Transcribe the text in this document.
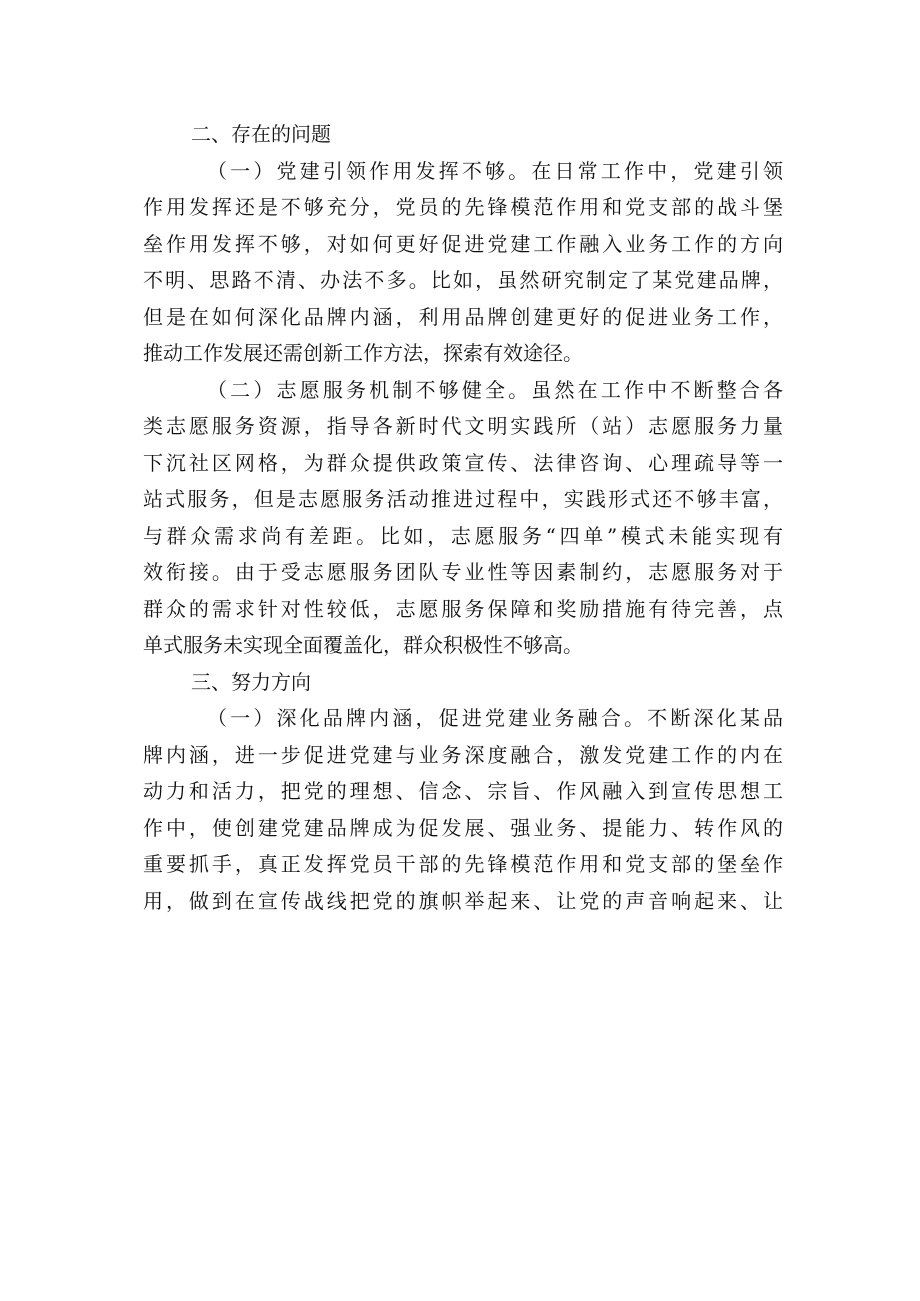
二、存在的问题
（一）党建引领作用发挥不够。在日常工作中，党建引领
作用发挥还是不够充分，党员的先锋模范作用和党支部的战斗堡
垒作用发挥不够，对如何更好促进党建工作融入业务工作的方向
不明、思路不清、办法不多。比如，虽然研究制定了某党建品牌，
但是在如何深化品牌内涵，利用品牌创建更好的促进业务工作，
推动工作发展还需创新工作方法，探索有效途径。
（二）志愿服务机制不够健全。虽然在工作中不断整合各
类志愿服务资源，指导各新时代文明实践所（站）志愿服务力量
下沉社区网格，为群众提供政策宣传、法律咨询、心理疏导等一
站式服务，但是志愿服务活动推进过程中，实践形式还不够丰富，
与群众需求尚有差距。比如，志愿服务“四单”模式未能实现有
效衔接。由于受志愿服务团队专业性等因素制约，志愿服务对于
群众的需求针对性较低，志愿服务保障和奖励措施有待完善，点
单式服务未实现全面覆盖化，群众积极性不够高。
三、努力方向
（一）深化品牌内涵，促进党建业务融合。不断深化某品
牌内涵，进一步促进党建与业务深度融合，激发党建工作的内在
动力和活力，把党的理想、信念、宗旨、作风融入到宣传思想工
作中，使创建党建品牌成为促发展、强业务、提能力、转作风的
重要抓手，真正发挥党员干部的先锋模范作用和党支部的堡垒作
用，做到在宣传战线把党的旗帜举起来、让党的声音响起来、让
